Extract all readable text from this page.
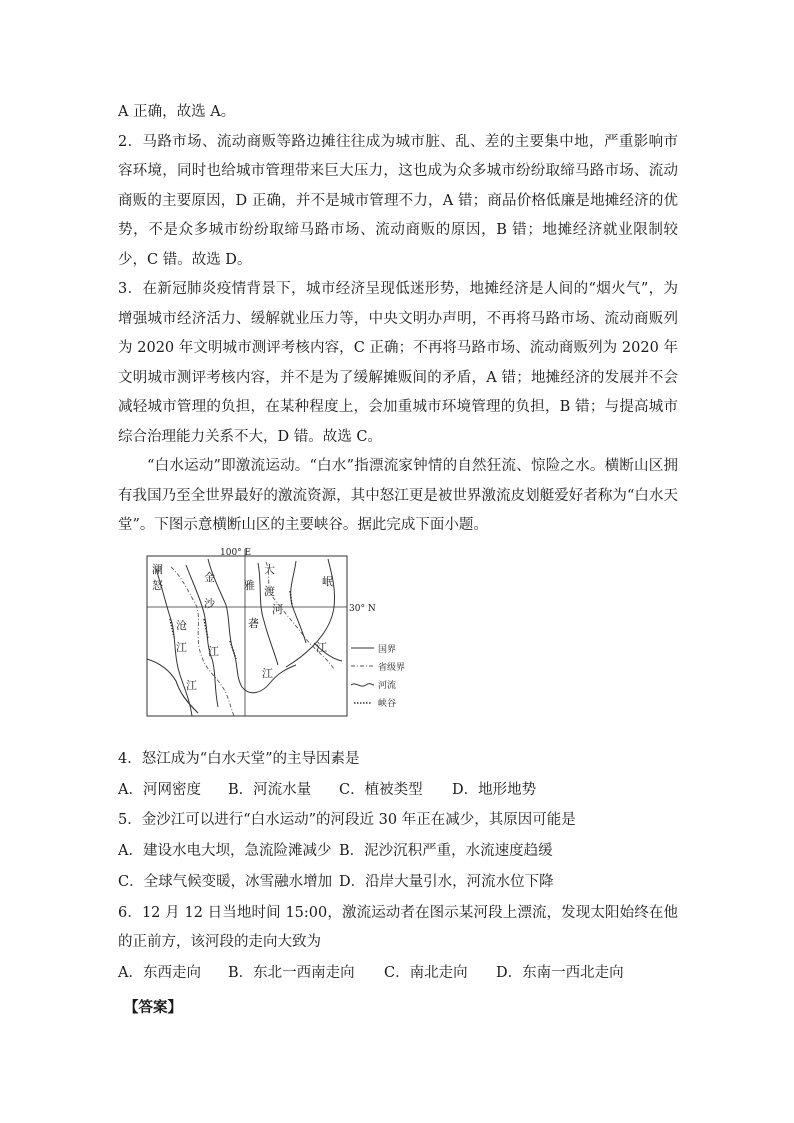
A 正确，故选 A。

2．马路市场、流动商贩等路边摊往往成为城市脏、乱、差的主要集中地，严重影响市容环境，同时也给城市管理带来巨大压力，这也成为众多城市纷纷取缔马路市场、流动商贩的主要原因，D 正确，并不是城市管理不力，A 错；商品价格低廉是地摊经济的优势，不是众多城市纷纷取缔马路市场、流动商贩的原因，B 错；地摊经济就业限制较少，C 错。故选 D。

3．在新冠肺炎疫情背景下，城市经济呈现低迷形势，地摊经济是人间的“烟火气”，为增强城市经济活力、缓解就业压力等，中央文明办声明，不再将马路市场、流动商贩列为 2020 年文明城市测评考核内容，C 正确；不再将马路市场、流动商贩列为 2020 年文明城市测评考核内容，并不是为了缓解摊贩间的矛盾，A 错；地摊经济的发展并不会减轻城市管理的负担，在某种程度上，会加重城市环境管理的负担，B 错；与提高城市综合治理能力关系不大，D 错。故选 C。

“白水运动”即激流运动。“白水”指漂流家钟情的自然狂流、惊险之水。横断山区拥有我国乃至全世界最好的激流资源，其中怒江更是被世界激流皮划艇爱好者称为“白水天堂”。下图示意横断山区的主要峡谷。据此完成下面小题。

澜
怒
沧
江
江
金
沙
江
雅
砻
江
大
渡
河
岷
江
100° E
30° N
国界
省级界
河流
峡谷

4．怒江成为“白水天堂”的主导因素是

A．河网密度	B．河流水量	C．植被类型	D．地形地势

5．金沙江可以进行“白水运动”的河段近 30 年正在减少，其原因可能是

A．建设水电大坝，急流险滩减少 B．泥沙沉积严重，水流速度趋缓
C．全球气候变暖，冰雪融水增加 D．沿岸大量引水，河流水位下降

6．12 月 12 日当地时间 15:00，激流运动者在图示某河段上漂流，发现太阳始终在他的正前方，该河段的走向大致为

A．东西走向	B．东北一西南走向	C．南北走向	D．东南一西北走向
【答案】
